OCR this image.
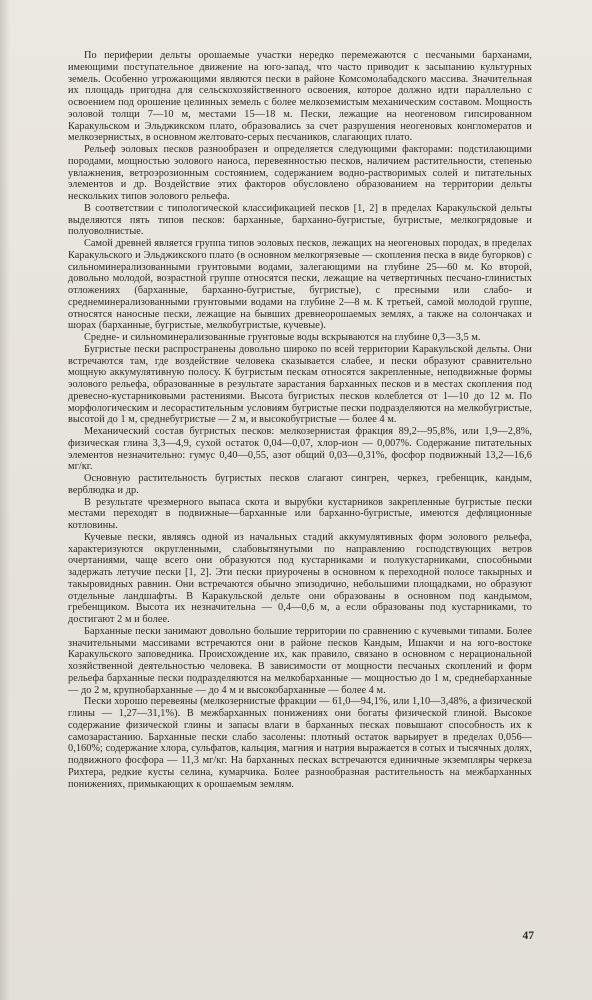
По периферии дельты орошаемые участки нередко перемежаются с песчаными барханами, имеющими поступательное движение на юго-запад, что часто приводит к засыпанию культурных земель. Особенно угрожающими являются пески в районе Комсомолабадского массива. Значительная их площадь пригодна для сельскохозяйственного освоения, которое должно идти параллельно с освоением под орошение целинных земель с более мелкоземистым механическим составом. Мощность эоловой толщи 7—10 м, местами 15—18 м. Пески, лежащие на неогеновом гипсированном Каракульском и Эльджикском плато, образовались за счет разрушения неогеновых конгломератов и мелкозернистых, в основном желтовато-серых песчаников, слагающих плато.

Рельеф эоловых песков разнообразен и определяется следующими факторами: подстилающими породами, мощностью эолового наноса, перевеянностью песков, наличием растительности, степенью увлажнения, ветроэрозионным состоянием, содержанием водно-растворимых солей и питательных элементов и др. Воздействие этих факторов обусловлено образованием на территории дельты нескольких типов эолового рельефа.

В соответствии с типологической классификацией песков [1, 2] в пределах Каракульской дельты выделяются пять типов песков: барханные, барханно-бугристые, бугристые, мелкогрядовые и полуоволнистые.

Самой древней является группа типов эоловых песков, лежащих на неогеновых породах, в пределах Каракульского и Эльджикского плато (в основном мелкогрязевые — скопления песка в виде бугорков) с сильноминерализованными грунтовыми водами, залегающими на глубине 25—60 м. Ко второй, довольно молодой, возрастной группе относятся пески, лежащие на четвертичных песчано-глинистых отложениях (барханные, барханно-бугристые, бугристые), с пресными или слабо- и среднеминерализованными грунтовыми водами на глубине 2—8 м. К третьей, самой молодой группе, относятся наносные пески, лежащие на бывших древнеорошаемых землях, а также на солончаках и шорах (барханные, бугристые, мелкобугристые, кучевые).

Средне- и сильноминерализованные грунтовые воды вскрываются на глубине 0,3—3,5 м.

Бугристые пески распространены довольно широко по всей территории Каракульской дельты. Они встречаются там, где воздействие человека сказывается слабее, и пески образуют сравнительно мощную аккумулятивную полосу. К бугристым пескам относятся закрепленные, неподвижные формы эолового рельефа, образованные в результате зарастания барханных песков и в местах скопления под древесно-кустарниковыми растениями. Высота бугристых песков колеблется от 1—10 до 12 м. По морфологическим и лесорастительным условиям бугристые пески подразделяются на мелкобугристые, высотой до 1 м, среднебугристые — 2 м, и высокобугристые — более 4 м.

Механический состав бугристых песков: мелкозернистая фракция 89,2—95,8%, или 1,9—2,8%, физическая глина 3,3—4,9, сухой остаток 0,04—0,07, хлор-ион — 0,007%. Содержание питательных элементов незначительно: гумус 0,40—0,55, азот общий 0,03—0,31%, фосфор подвижный 13,2—16,6 мг/кг.

Основную растительность бугристых песков слагают сингрен, черкез, гребенщик, кандым, верблюдка и др.

В результате чрезмерного выпаса скота и вырубки кустарников закрепленные бугристые пески местами переходят в подвижные—барханные или барханно-бугристые, имеются дефляционные котловины.

Кучевые пески, являясь одной из начальных стадий аккумулятивных форм эолового рельефа, характеризуются округленными, слабовытянутыми по направлению господствующих ветров очертаниями, чаще всего они образуются под кустарниками и полукустарниками, способными задержать летучие пески [1, 2]. Эти пески приурочены в основном к переходной полосе такырных и такыровидных равнин. Они встречаются обычно эпизодично, небольшими площадками, но образуют отдельные ландшафты. В Каракульской дельте они образованы в основном под кандымом, гребенщиком. Высота их незначительна — 0,4—0,6 м, а если образованы под кустарниками, то достигают 2 м и более.

Барханные пески занимают довольно большие территории по сравнению с кучевыми типами. Более значительными массивами встречаются они в районе песков Кандым, Ишакчи и на юго-востоке Каракульского заповедника. Происхождение их, как правило, связано в основном с нерациональной хозяйственной деятельностью человека. В зависимости от мощности песчаных скоплений и форм рельефа барханные пески подразделяются на мелкобарханные — мощностью до 1 м, среднебарханные — до 2 м, крупнобарханные — до 4 м и высокобарханные — более 4 м.

Пески хорошо перевеяны (мелкозернистые фракции — 61,0—94,1%, или 1,10—3,48%, а физической глины — 1,27—31,1%). В межбарханных понижениях они богаты физической глиной. Высокое содержание физической глины и запасы влаги в барханных песках повышают способность их к самозарастанию. Барханные пески слабо засолены: плотный остаток варьирует в пределах 0,056—0,160%; содержание хлора, сульфатов, кальция, магния и натрия выражается в сотых и тысячных долях, подвижного фосфора — 11,3 мг/кг. На барханных песках встречаются единичные экземпляры черкеза Рихтера, редкие кусты селина, кумарчика. Более разнообразная растительность на межбарханных понижениях, примыкающих к орошаемым землям.

47
